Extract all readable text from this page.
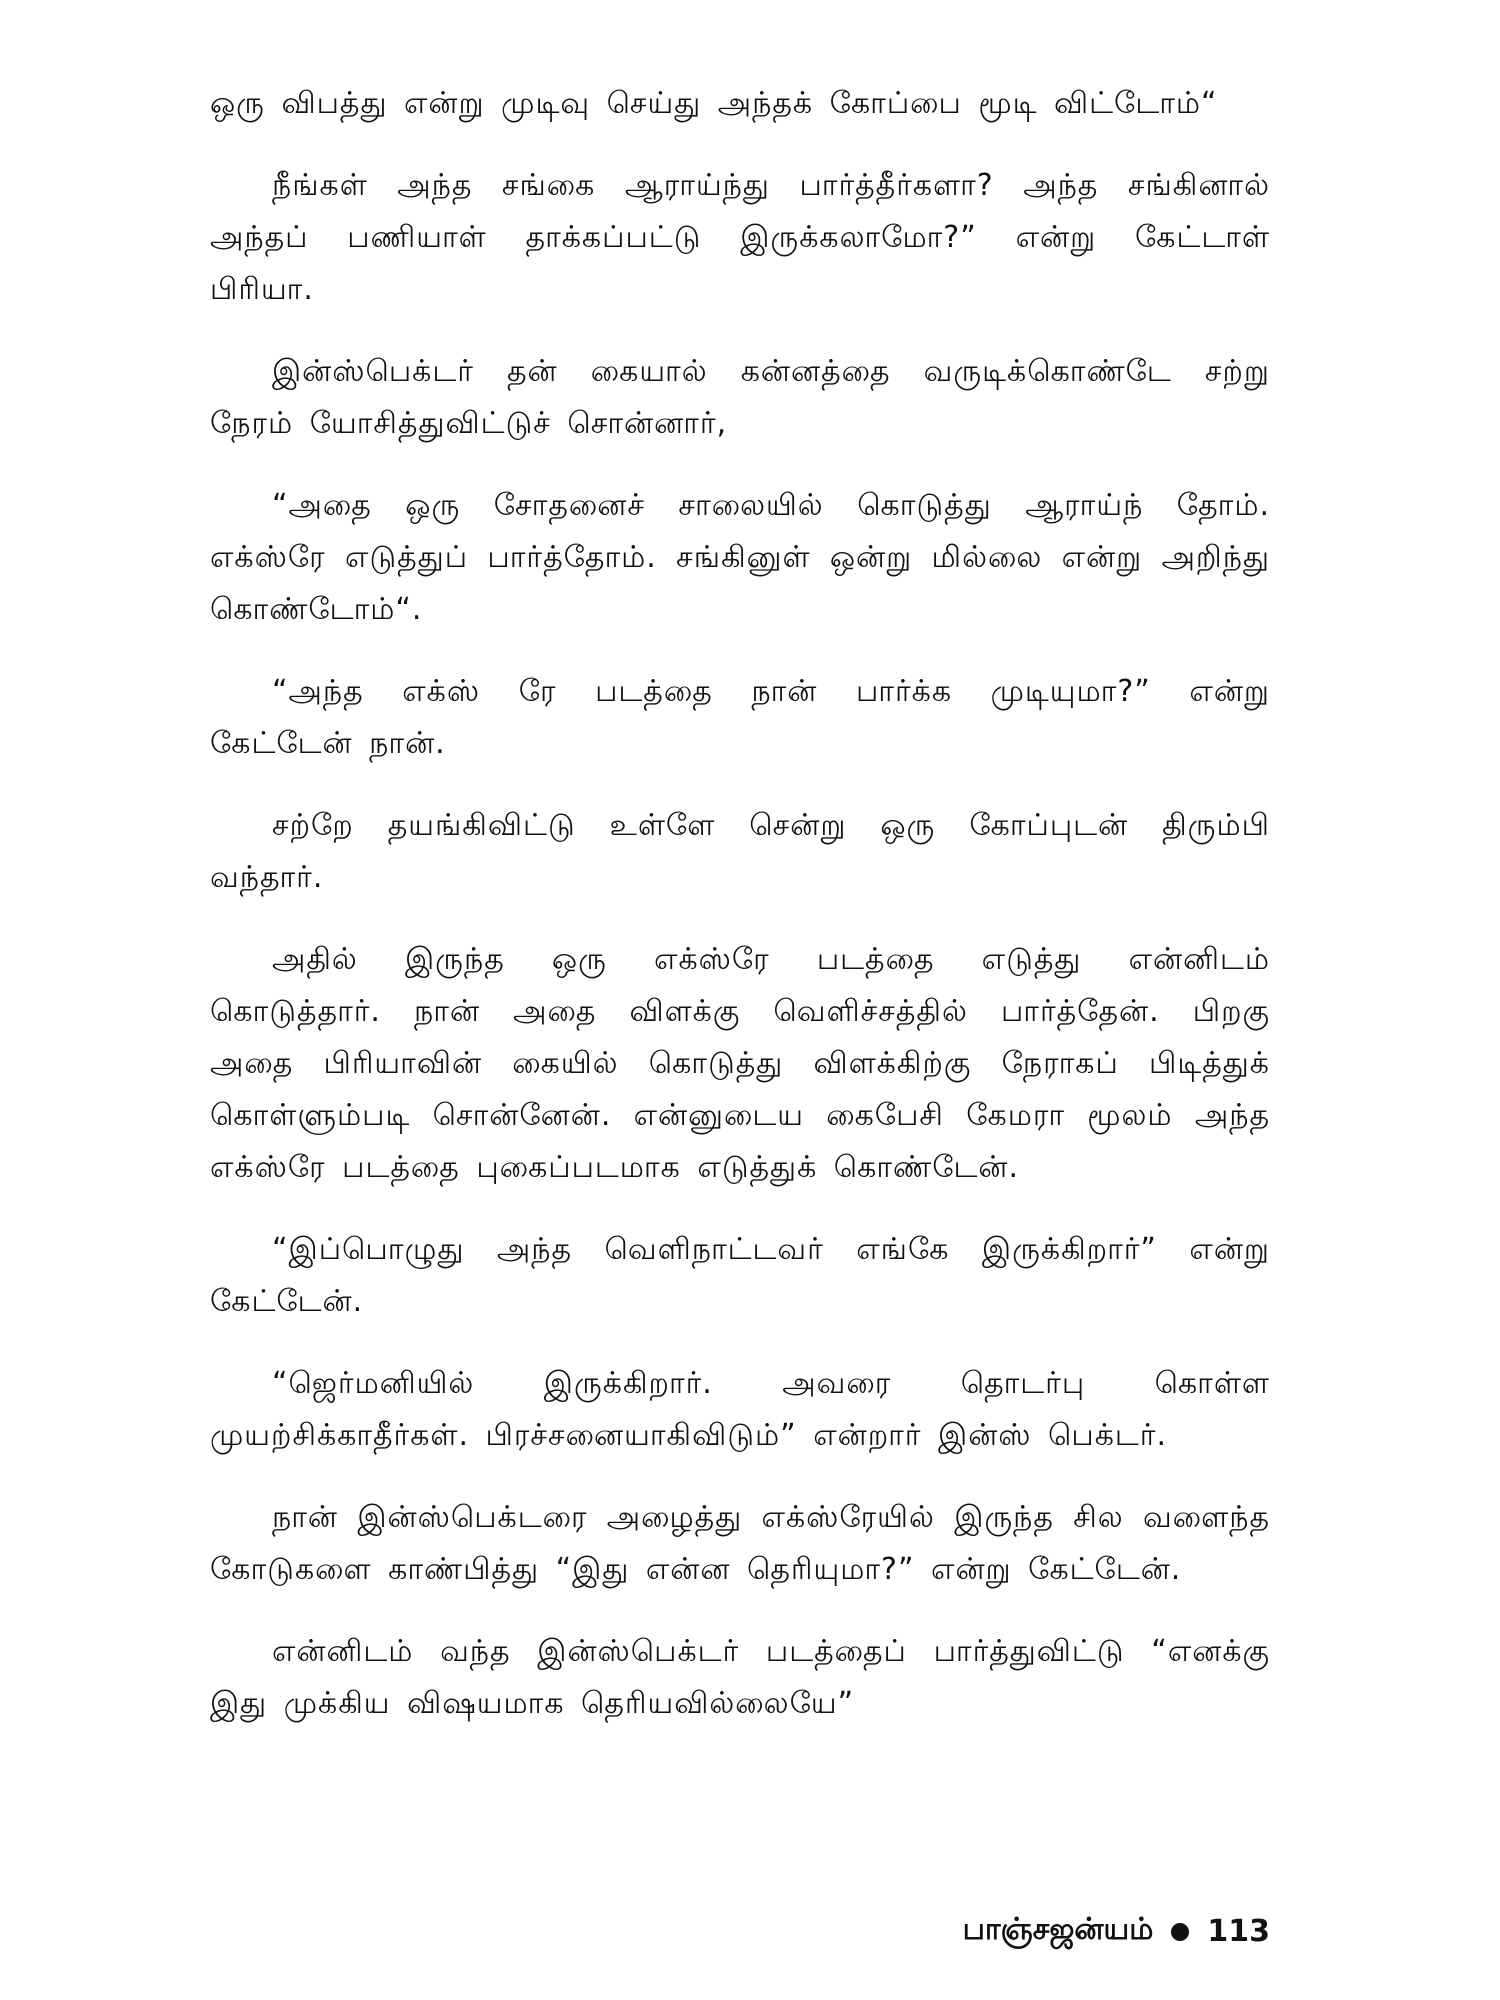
ஒரு விபத்து என்று முடிவு செய்து அந்தக் கோப்பை மூடி விட்டோம்“

நீங்கள் அந்த சங்கை ஆராய்ந்து பார்த்தீர்களா? அந்த சங்கினால் அந்தப் பணியாள் தாக்கப்பட்டு இருக்கலாமோ?” என்று கேட்டாள் பிரியா.

இன்ஸ்பெக்டர் தன் கையால் கன்னத்தை வருடிக்கொண்டே சற்று நேரம் யோசித்துவிட்டுச் சொன்னார்,

“அதை ஒரு சோதனைச் சாலையில் கொடுத்து ஆராய்ந் தோம். எக்ஸ்ரே எடுத்துப் பார்த்தோம். சங்கினுள் ஒன்று மில்லை என்று அறிந்து கொண்டோம்“.

“அந்த எக்ஸ் ரே படத்தை நான் பார்க்க முடியுமா?” என்று கேட்டேன் நான்.

சற்றே தயங்கிவிட்டு உள்ளே சென்று ஒரு கோப்புடன் திரும்பி வந்தார்.

அதில் இருந்த ஒரு எக்ஸ்ரே படத்தை எடுத்து என்னிடம் கொடுத்தார். நான் அதை விளக்கு வெளிச்சத்தில் பார்த்தேன். பிறகு அதை பிரியாவின் கையில் கொடுத்து விளக்கிற்கு நேராகப் பிடித்துக் கொள்ளும்படி சொன்னேன். என்னுடைய கைபேசி கேமரா மூலம் அந்த எக்ஸ்ரே படத்தை புகைப்படமாக எடுத்துக் கொண்டேன்.

“இப்பொழுது அந்த வெளிநாட்டவர் எங்கே இருக்கிறார்” என்று கேட்டேன்.

“ஜெர்மனியில் இருக்கிறார். அவரை தொடர்பு கொள்ள முயற்சிக்காதீர்கள். பிரச்சனையாகிவிடும்” என்றார் இன்ஸ் பெக்டர்.

நான் இன்ஸ்பெக்டரை அழைத்து எக்ஸ்ரேயில் இருந்த சில வளைந்த கோடுகளை காண்பித்து “இது என்ன தெரியுமா?” என்று கேட்டேன்.

என்னிடம் வந்த இன்ஸ்பெக்டர் படத்தைப் பார்த்துவிட்டு “எனக்கு இது முக்கிய விஷயமாக தெரியவில்லையே”

பாஞ்சஜன்யம் 113
